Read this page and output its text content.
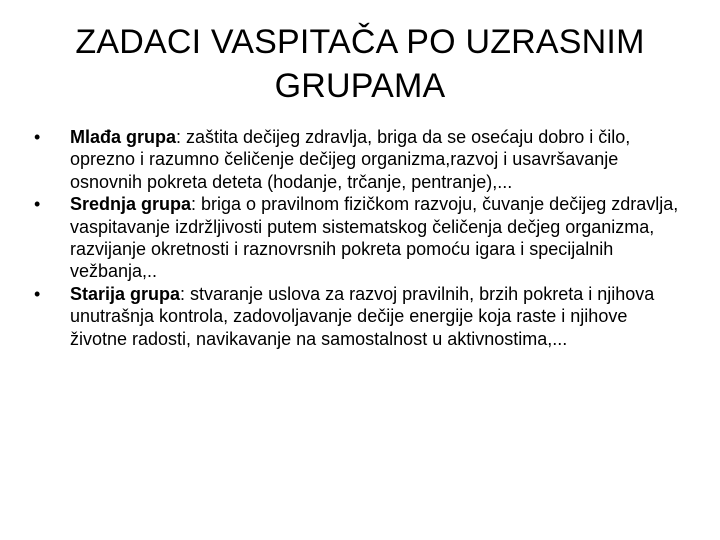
ZADACI VASPITAČA PO UZRASNIM
GRUPAMA
•	Mlađa grupa: zaštita dečijeg zdravlja, briga da se osećaju dobro i čilo, oprezno i razumno čeličenje dečijeg organizma,razvoj i usavršavanje osnovnih pokreta deteta (hodanje, trčanje, pentranje),...
•	Srednja grupa: briga o pravilnom fizičkom razvoju, čuvanje dečijeg zdravlja, vaspitavanje izdržljivosti putem sistematskog čeličenja dečjeg organizma, razvijanje okretnosti i raznovrsnih pokreta pomoću igara i specijalnih vežbanja,..
•	Starija grupa: stvaranje uslova za razvoj pravilnih, brzih pokreta i njihova unutrašnja kontrola, zadovoljavanje dečije energije koja raste i njihove životne radosti, navikavanje na samostalnost u aktivnostima,...
